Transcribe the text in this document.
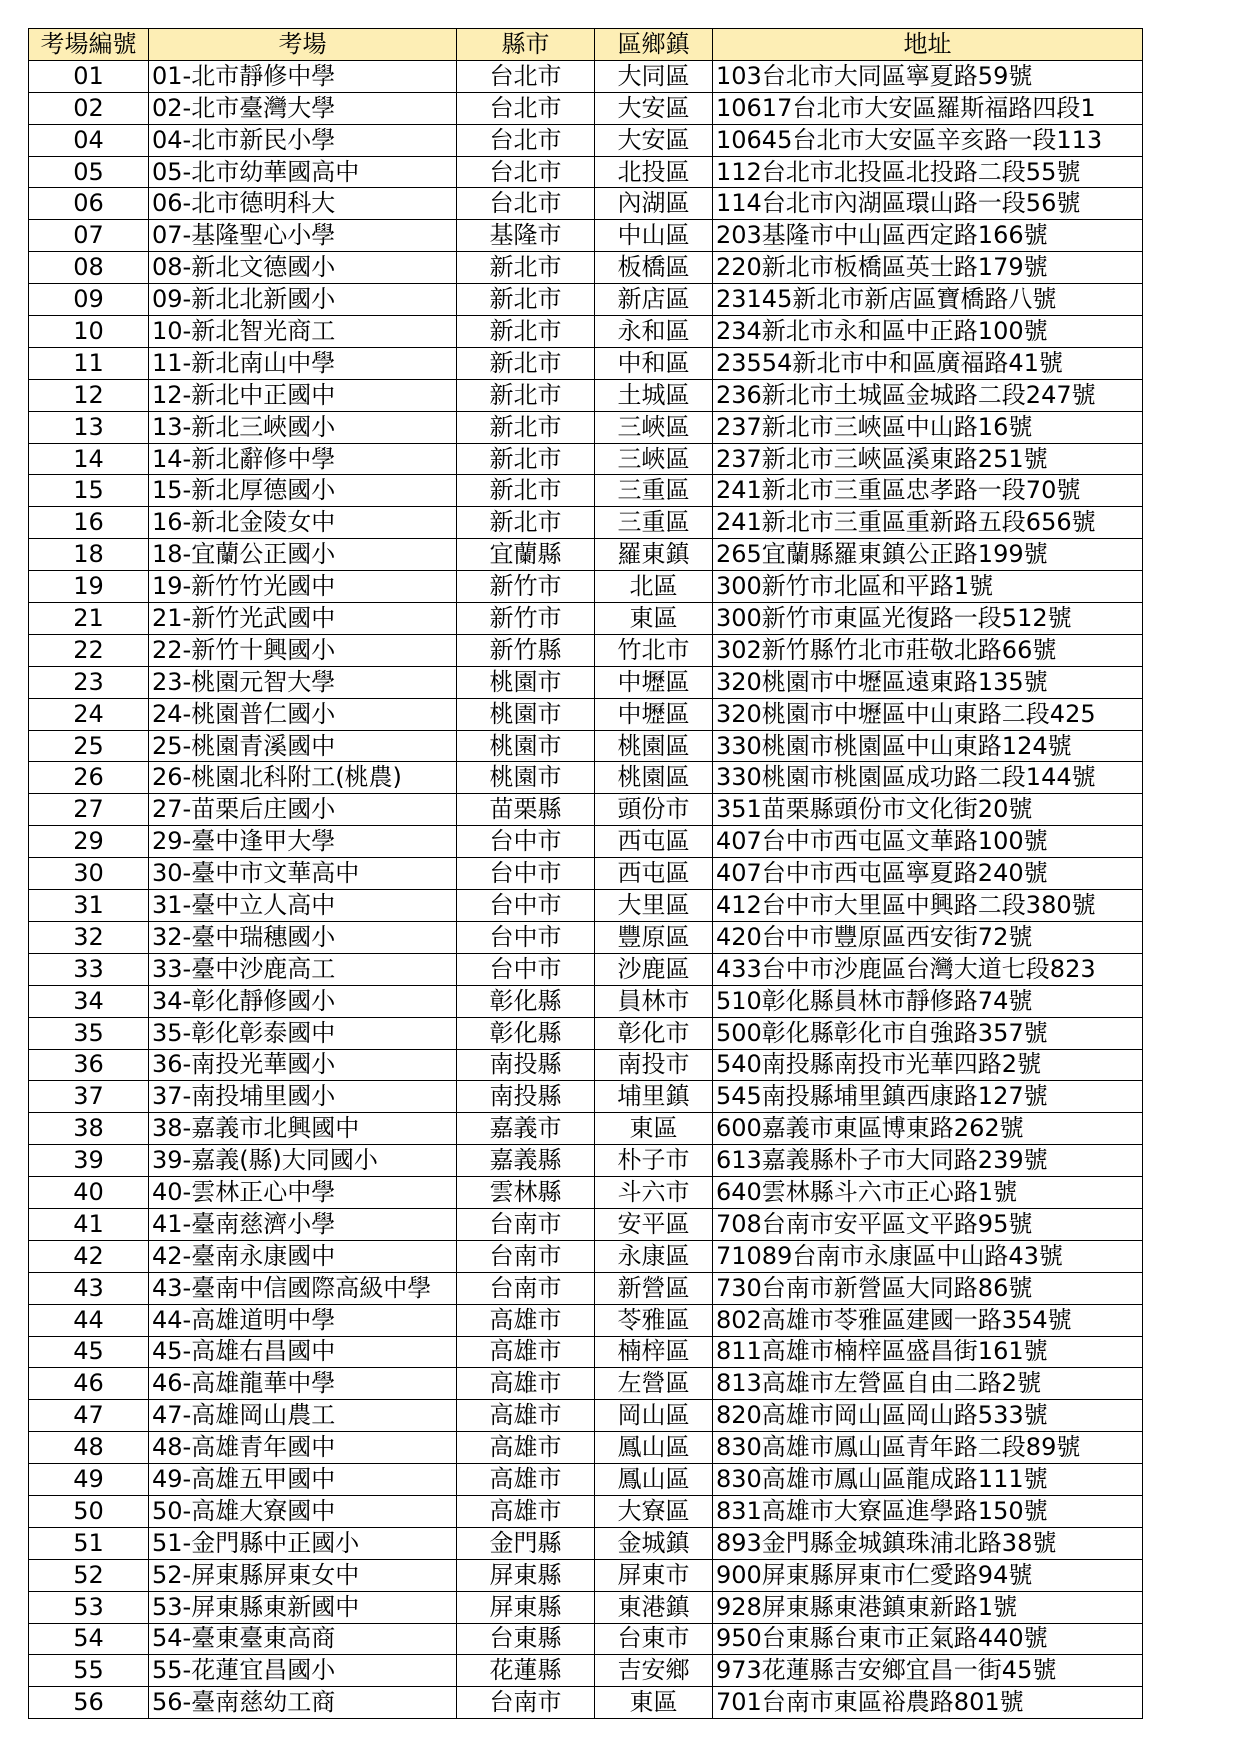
考場編號	考場	縣市	區鄉鎮	地址
01	01-北市靜修中學	台北市	大同區	103台北市大同區寧夏路59號
02	02-北市臺灣大學	台北市	大安區	10617台北市大安區羅斯福路四段1
04	04-北市新民小學	台北市	大安區	10645台北市大安區辛亥路一段113
05	05-北市幼華國高中	台北市	北投區	112台北市北投區北投路二段55號
06	06-北市德明科大	台北市	內湖區	114台北市內湖區環山路一段56號
07	07-基隆聖心小學	基隆市	中山區	203基隆市中山區西定路166號
08	08-新北文德國小	新北市	板橋區	220新北市板橋區英士路179號
09	09-新北北新國小	新北市	新店區	23145新北市新店區寶橋路八號
10	10-新北智光商工	新北市	永和區	234新北市永和區中正路100號
11	11-新北南山中學	新北市	中和區	23554新北市中和區廣福路41號
12	12-新北中正國中	新北市	土城區	236新北市土城區金城路二段247號
13	13-新北三峽國小	新北市	三峽區	237新北市三峽區中山路16號
14	14-新北辭修中學	新北市	三峽區	237新北市三峽區溪東路251號
15	15-新北厚德國小	新北市	三重區	241新北市三重區忠孝路一段70號
16	16-新北金陵女中	新北市	三重區	241新北市三重區重新路五段656號
18	18-宜蘭公正國小	宜蘭縣	羅東鎮	265宜蘭縣羅東鎮公正路199號
19	19-新竹竹光國中	新竹市	北區	300新竹市北區和平路1號
21	21-新竹光武國中	新竹市	東區	300新竹市東區光復路一段512號
22	22-新竹十興國小	新竹縣	竹北市	302新竹縣竹北市莊敬北路66號
23	23-桃園元智大學	桃園市	中壢區	320桃園市中壢區遠東路135號
24	24-桃園普仁國小	桃園市	中壢區	320桃園市中壢區中山東路二段425
25	25-桃園青溪國中	桃園市	桃園區	330桃園市桃園區中山東路124號
26	26-桃園北科附工(桃農)	桃園市	桃園區	330桃園市桃園區成功路二段144號
27	27-苗栗后庄國小	苗栗縣	頭份市	351苗栗縣頭份市文化街20號
29	29-臺中逢甲大學	台中市	西屯區	407台中市西屯區文華路100號
30	30-臺中市文華高中	台中市	西屯區	407台中市西屯區寧夏路240號
31	31-臺中立人高中	台中市	大里區	412台中市大里區中興路二段380號
32	32-臺中瑞穗國小	台中市	豐原區	420台中市豐原區西安街72號
33	33-臺中沙鹿高工	台中市	沙鹿區	433台中市沙鹿區台灣大道七段823
34	34-彰化靜修國小	彰化縣	員林市	510彰化縣員林市靜修路74號
35	35-彰化彰泰國中	彰化縣	彰化市	500彰化縣彰化市自強路357號
36	36-南投光華國小	南投縣	南投市	540南投縣南投市光華四路2號
37	37-南投埔里國小	南投縣	埔里鎮	545南投縣埔里鎮西康路127號
38	38-嘉義市北興國中	嘉義市	東區	600嘉義市東區博東路262號
39	39-嘉義(縣)大同國小	嘉義縣	朴子市	613嘉義縣朴子市大同路239號
40	40-雲林正心中學	雲林縣	斗六市	640雲林縣斗六市正心路1號
41	41-臺南慈濟小學	台南市	安平區	708台南市安平區文平路95號
42	42-臺南永康國中	台南市	永康區	71089台南市永康區中山路43號
43	43-臺南中信國際高級中學	台南市	新營區	730台南市新營區大同路86號
44	44-高雄道明中學	高雄市	苓雅區	802高雄市苓雅區建國一路354號
45	45-高雄右昌國中	高雄市	楠梓區	811高雄市楠梓區盛昌街161號
46	46-高雄龍華中學	高雄市	左營區	813高雄市左營區自由二路2號
47	47-高雄岡山農工	高雄市	岡山區	820高雄市岡山區岡山路533號
48	48-高雄青年國中	高雄市	鳳山區	830高雄市鳳山區青年路二段89號
49	49-高雄五甲國中	高雄市	鳳山區	830高雄市鳳山區龍成路111號
50	50-高雄大寮國中	高雄市	大寮區	831高雄市大寮區進學路150號
51	51-金門縣中正國小	金門縣	金城鎮	893金門縣金城鎮珠浦北路38號
52	52-屏東縣屏東女中	屏東縣	屏東市	900屏東縣屏東市仁愛路94號
53	53-屏東縣東新國中	屏東縣	東港鎮	928屏東縣東港鎮東新路1號
54	54-臺東臺東高商	台東縣	台東市	950台東縣台東市正氣路440號
55	55-花蓮宜昌國小	花蓮縣	吉安鄉	973花蓮縣吉安鄉宜昌一街45號
56	56-臺南慈幼工商	台南市	東區	701台南市東區裕農路801號
